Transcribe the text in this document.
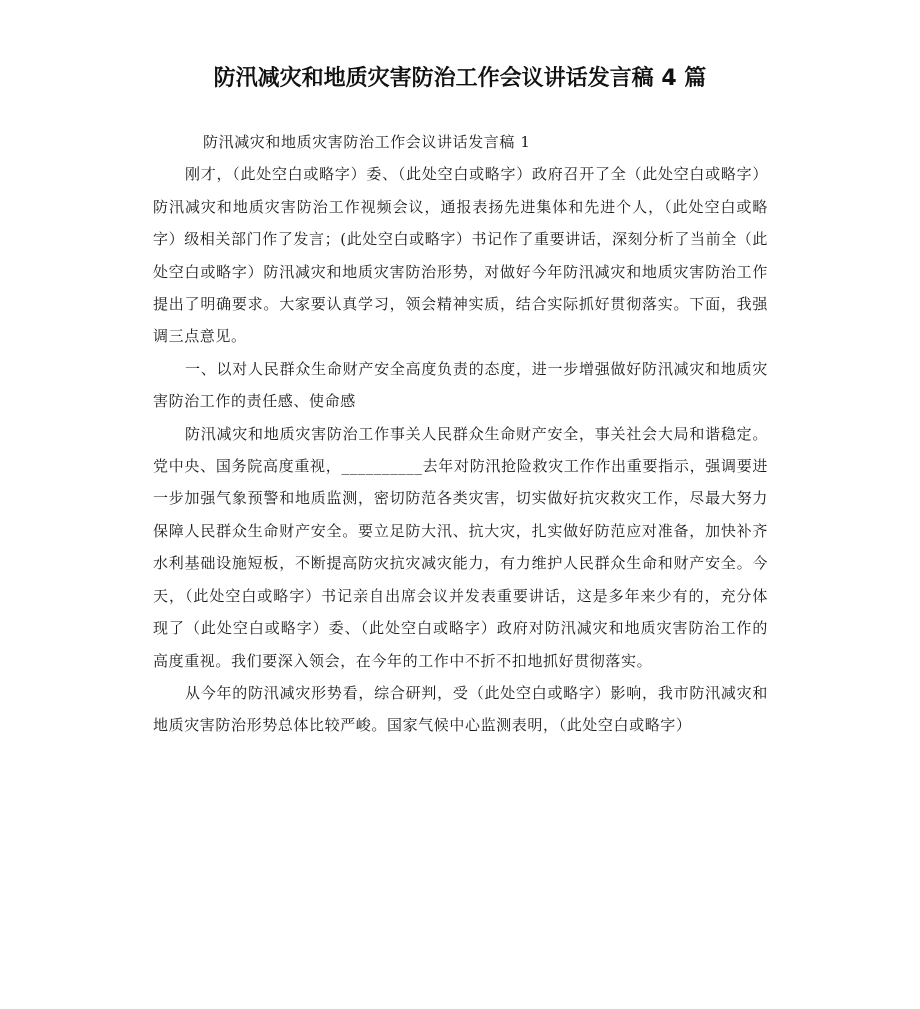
防汛减灾和地质灾害防治工作会议讲话发言稿 4 篇

防汛减灾和地质灾害防治工作会议讲话发言稿 1

刚才，（此处空白或略字）委、（此处空白或略字）政府召开了全（此处空白或略字）防汛减灾和地质灾害防治工作视频会议，通报表扬先进集体和先进个人，（此处空白或略字）级相关部门作了发言；(此处空白或略字）书记作了重要讲话，深刻分析了当前全（此处空白或略字）防汛减灾和地质灾害防治形势，对做好今年防汛减灾和地质灾害防治工作提出了明确要求。大家要认真学习，领会精神实质，结合实际抓好贯彻落实。下面，我强调三点意见。

一、以对人民群众生命财产安全高度负责的态度，进一步增强做好防汛减灾和地质灾害防治工作的责任感、使命感

防汛减灾和地质灾害防治工作事关人民群众生命财产安全，事关社会大局和谐稳定。党中央、国务院高度重视，__________去年对防汛抢险救灾工作作出重要指示，强调要进一步加强气象预警和地质监测，密切防范各类灾害，切实做好抗灾救灾工作，尽最大努力保障人民群众生命财产安全。要立足防大汛、抗大灾，扎实做好防范应对准备，加快补齐水利基础设施短板，不断提高防灾抗灾减灾能力，有力维护人民群众生命和财产安全。今天，（此处空白或略字）书记亲自出席会议并发表重要讲话，这是多年来少有的，充分体现了（此处空白或略字）委、（此处空白或略字）政府对防汛减灾和地质灾害防治工作的高度重视。我们要深入领会，在今年的工作中不折不扣地抓好贯彻落实。

从今年的防汛减灾形势看，综合研判，受（此处空白或略字）影响，我市防汛减灾和地质灾害防治形势总体比较严峻。国家气候中心监测表明，（此处空白或略字）
